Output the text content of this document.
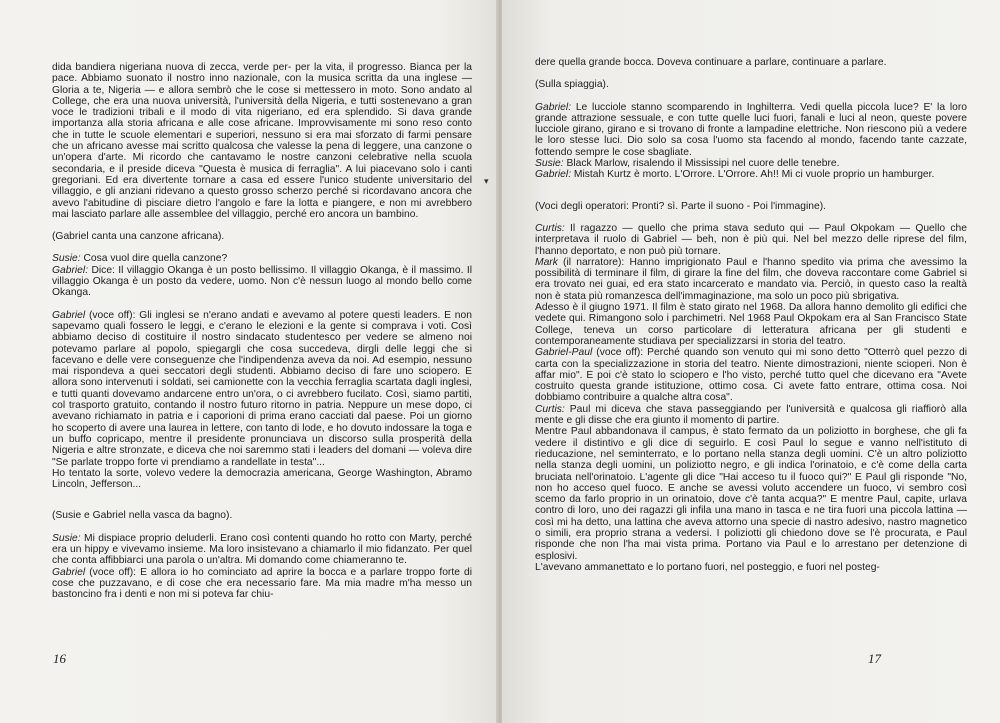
dida bandiera nigeriana nuova di zecca, verde per- per la vita, il progresso. Bianca per la pace. Abbiamo suonato il nostro inno nazionale, con la musica scritta da una inglese — Gloria a te, Nigeria — e allora sembrò che le cose si mettessero in moto. Sono andato al College, che era una nuova università, l'università della Nigeria, e tutti sostenevano a gran voce le tradizioni tribali e il modo di vita nigeriano, ed era splendido. Si dava grande importanza alla storia africana e alle cose africane. Improvvisamente mi sono reso conto che in tutte le scuole elementari e superiori, nessuno si era mai sforzato di farmi pensare che un africano avesse mai scritto qualcosa che valesse la pena di leggere, una canzone o un'opera d'arte. Mi ricordo che cantavamo le nostre canzoni celebrative nella scuola secondaria, e il preside diceva "Questa è musica di ferraglia". A lui piacevano solo i canti gregoriani. Ed era divertente tornare a casa ed essere l'unico studente universitario del villaggio, e gli anziani ridevano a questo grosso scherzo perché si ricordavano ancora che avevo l'abitudine di pisciare dietro l'angolo e fare la lotta e piangere, e non mi avrebbero mai lasciato parlare alle assemblee del villaggio, perché ero ancora un bambino.

(Gabriel canta una canzone africana).

Susie: Cosa vuol dire quella canzone?

Gabriel: Dice: Il villaggio Okanga è un posto bellissimo. Il villaggio Okanga, è il massimo. Il villaggio Okanga è un posto da vedere, uomo. Non c'è nessun luogo al mondo bello come Okanga.

Gabriel (voce off): Gli inglesi se n'erano andati e avevamo al potere questi leaders. E non sapevamo quali fossero le leggi, e c'erano le elezioni e la gente si comprava i voti. Così abbiamo deciso di costituire il nostro sindacato studentesco per vedere se almeno noi potevamo parlare al popolo, spiegargli che cosa succedeva, dirgli delle leggi che si facevano e delle vere conseguenze che l'indipendenza aveva da noi. Ad esempio, nessuno mai rispondeva a quei seccatori degli studenti. Abbiamo deciso di fare uno sciopero. E allora sono intervenuti i soldati, sei camionette con la vecchia ferraglia scartata dagli inglesi, e tutti quanti dovevamo andarcene entro un'ora, o ci avrebbero fucilato. Così, siamo partiti, col trasporto gratuito, contando il nostro futuro ritorno in patria. Neppure un mese dopo, ci avevano richiamato in patria e i caporioni di prima erano cacciati dal paese. Poi un giorno ho scoperto di avere una laurea in lettere, con tanto di lode, e ho dovuto indossare la toga e un buffo copricapo, mentre il presidente pronunciava un discorso sulla prosperità della Nigeria e altre stronzate, e diceva che noi saremmo stati i leaders del domani — voleva dire "Se parlate troppo forte vi prendiamo a randellate in testa"...

Ho tentato la sorte, volevo vedere la democrazia americana, George Washington, Abramo Lincoln, Jefferson...

(Susie e Gabriel nella vasca da bagno).

Susie: Mi dispiace proprio deluderli. Erano così contenti quando ho rotto con Marty, perché era un hippy e vivevamo insieme. Ma loro insistevano a chiamarlo il mio fidanzato. Per quel che conta affibbiarci una parola o un'altra. Mi domando come chiameranno te.

Gabriel (voce off): E allora io ho cominciato ad aprire la bocca e a parlare troppo forte di cose che puzzavano, e di cose che era necessario fare. Ma mia madre m'ha messo un bastoncino fra i denti e non mi si poteva far chiu-

16
▾

dere quella grande bocca. Doveva continuare a parlare, continuare a parlare.

(Sulla spiaggia).

Gabriel: Le lucciole stanno scomparendo in Inghilterra. Vedi quella piccola luce? E' la loro grande attrazione sessuale, e con tutte quelle luci fuori, fanali e luci al neon, queste povere lucciole girano, girano e si trovano di fronte a lampadine elettriche. Non riescono più a vedere le loro stesse luci. Dio solo sa cosa l'uomo sta facendo al mondo, facendo tante cazzate, fottendo sempre le cose sbagliate.

Susie: Black Marlow, risalendo il Mississipi nel cuore delle tenebre.

Gabriel: Mistah Kurtz è morto. L'Orrore. L'Orrore. Ah!! Mi ci vuole proprio un hamburger.

(Voci degli operatori: Pronti? sì. Parte il suono - Poi l'immagine).

Curtis: Il ragazzo — quello che prima stava seduto qui — Paul Okpokam — Quello che interpretava il ruolo di Gabriel — beh, non è più qui. Nel bel mezzo delle riprese del film, l'hanno deportato, e non può più tornare.

Mark (il narratore): Hanno imprigionato Paul e l'hanno spedito via prima che avessimo la possibilità di terminare il film, di girare la fine del film, che doveva raccontare come Gabriel si era trovato nei guai, ed era stato incarcerato e mandato via. Perciò, in questo caso la realtà non è stata più romanzesca dell'immaginazione, ma solo un poco più sbrigativa.

Adesso è il giugno 1971. Il film è stato girato nel 1968. Da allora hanno demolito gli edifici che vedete qui. Rimangono solo i parchimetri. Nel 1968 Paul Okpokam era al San Francisco State College, teneva un corso particolare di letteratura africana per gli studenti e contemporaneamente studiava per specializzarsi in storia del teatro.

Gabriel-Paul (voce off): Perché quando son venuto qui mi sono detto "Otterrò quel pezzo di carta con la specializzazione in storia del teatro. Niente dimostrazioni, niente scioperi. Non è affar mio". E poi c'è stato lo sciopero e l'ho visto, perché tutto quel che dicevano era "Avete costruito questa grande istituzione, ottimo cosa. Ci avete fatto entrare, ottima cosa. Noi dobbiamo contribuire a qualche altra cosa".

Curtis: Paul mi diceva che stava passeggiando per l'università e qualcosa gli riaffiorò alla mente e gli disse che era giunto il momento di partire.

Mentre Paul abbandonava il campus, è stato fermato da un poliziotto in borghese, che gli fa vedere il distintivo e gli dice di seguirlo. E così Paul lo segue e vanno nell'istituto di rieducazione, nel seminterrato, e lo portano nella stanza degli uomini. C'è un altro poliziotto nella stanza degli uomini, un poliziotto negro, e gli indica l'orinatoio, e c'è come della carta bruciata nell'orinatoio. L'agente gli dice "Hai acceso tu il fuoco qui?" E Paul gli risponde "No, non ho acceso quel fuoco. E anche se avessi voluto accendere un fuoco, vi sembro così scemo da farlo proprio in un orinatoio, dove c'è tanta acqua?" E mentre Paul, capite, urlava contro di loro, uno dei ragazzi gli infila una mano in tasca e ne tira fuori una piccola lattina — così mi ha detto, una lattina che aveva attorno una specie di nastro adesivo, nastro magnetico o simili, era proprio strana a vedersi. I poliziotti gli chiedono dove se l'è procurata, e Paul risponde che non l'ha mai vista prima. Portano via Paul e lo arrestano per detenzione di esplosivi.

L'avevano ammanettato e lo portano fuori, nel posteggio, e fuori nel posteg-

17
